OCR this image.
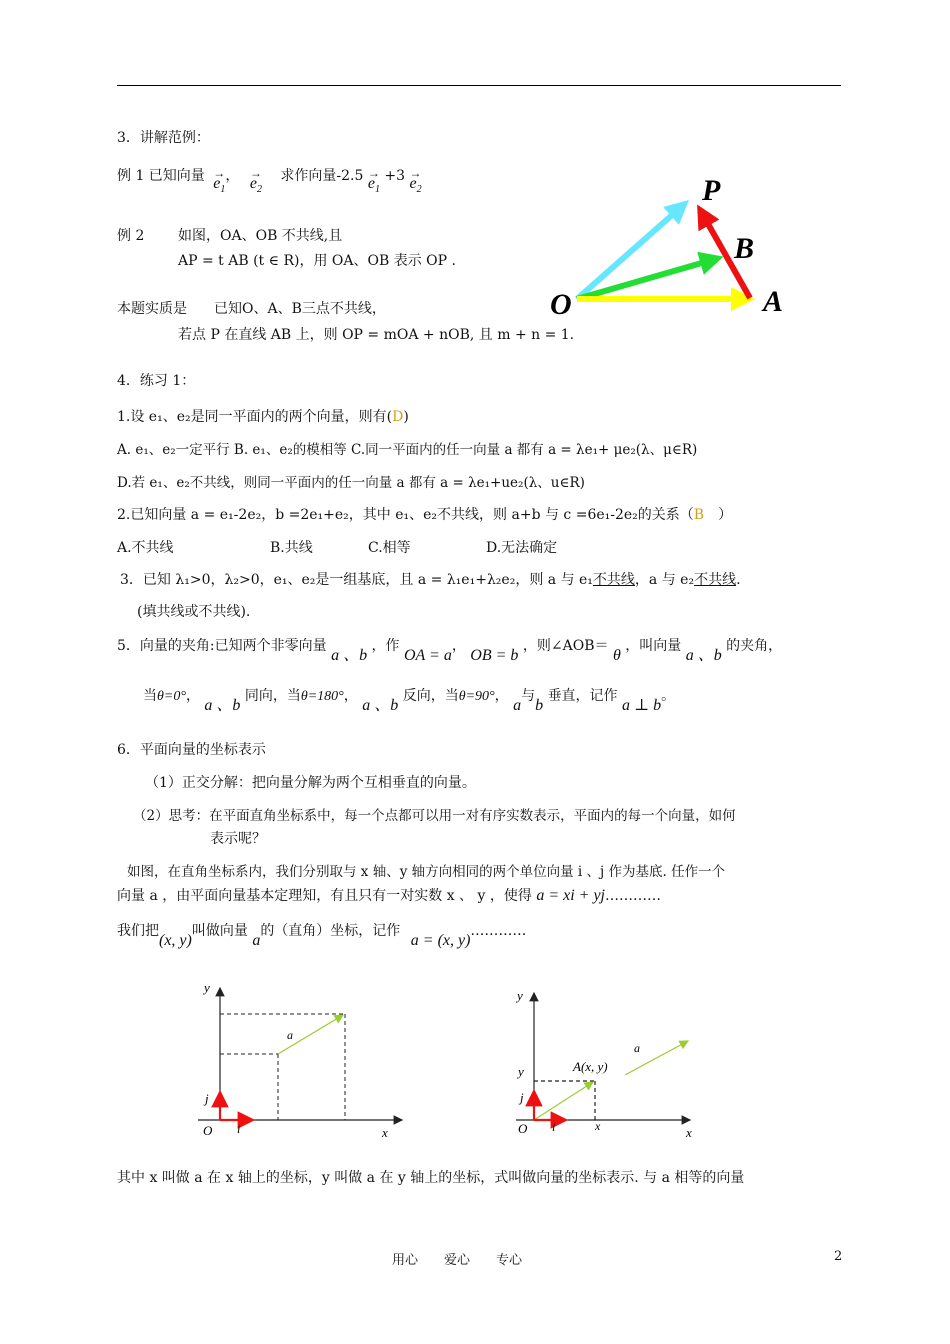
3．讲解范例：
例 1 已知向量 → $e_1$， → $e_2$ 求作向量$-2.5 \to e_1 +3 \to e_2$
例 2 如图，OA、OB 不共线,且
AP = t AB (t ∈ R)，用 OA、OB 表示 OP .
本题实质是 已知O、A、B三点不共线，
若点 P 在直线 AB 上，则 OP = mOA + nOB, 且 m + n = 1.
P
B
O	A
4．练习 1：
1.设 e₁、e₂是同一平面内的两个向量，则有(D)
A. e₁、e₂一定平行 B. e₁、e₂的模相等 C.同一平面内的任一向量 a 都有 a = λe₁+ μe₂(λ、μ∈R)
D.若 e₁、e₂不共线，则同一平面内的任一向量 a 都有 a = λe₁+ue₂(λ、u∈R)
2.已知向量 a = e₁-2e₂，b =2e₁+e₂，其中 e₁、e₂不共线，则 a+b 与 c =6e₁-2e₂的关系（B ）
A.不共线	B.共线	C.相等	D.无法确定
3．已知 λ₁>0，λ₂>0，e₁、e₂是一组基底，且 a = λ₁e₁+λ₂e₂，则 a 与 e₁不共线，a 与 e₂不共线.
(填共线或不共线).
5．向量的夹角:已知两个非零向量 a 、b ，作 OA = a， OB = b ，则∠AOB＝ θ ，叫向量 a 、b 的夹角，
当θ=0°， a 、b 同向，当θ=180°， a 、b 反向，当θ=90°， a与b 垂直，记作 a ⊥ b。
6．平面向量的坐标表示
（1）正交分解：把向量分解为两个互相垂直的向量。
（2）思考：在平面直角坐标系中，每一个点都可以用一对有序实数表示，平面内的每一个向量，如何
表示呢？
如图，在直角坐标系内，我们分别取与 x 轴、y 轴方向相同的两个单位向量 i 、j 作为基底. 任作一个
向量 a ，由平面向量基本定理知，有且只有一对实数 x 、 y ，使得 a = xi + yj…………
我们把(x, y)叫做向量 a的（直角）坐标，记作 a = (x, y)…………
y
x
O i
j
a
y
x
O i
j
y
x
A(x, y)
a
其中 x 叫做 a 在 x 轴上的坐标，y 叫做 a 在 y 轴上的坐标，式叫做向量的坐标表示. 与 a 相等的向量
用心　　爱心　　专心	2
